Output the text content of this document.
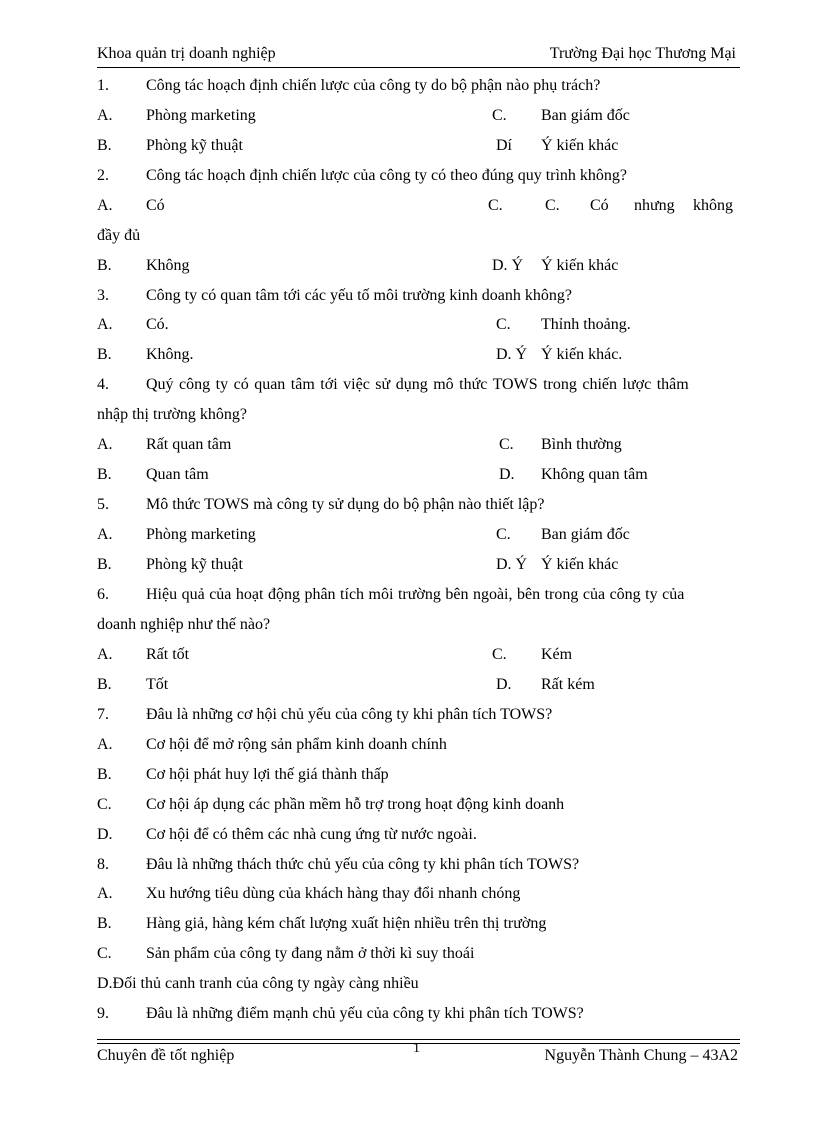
Khoa quản trị doanh nghiệp	Trường Đại học Thương Mại
1. Công tác hoạch định chiến lược của công ty do bộ phận nào phụ trách?
A. Phòng marketing	C. Ban giám đốc
B. Phòng kỹ thuật	Dí Ý kiến khác
2. Công tác hoạch định chiến lược của công ty có theo đúng quy trình không?
A. Có	C.	C. Có nhưng không
đầy đủ
B. Không	D. Ý Ý kiến khác
3. Công ty có quan tâm tới các yếu tố môi trường kinh doanh không?
A. Có.	C. Thỉnh thoảng.
B. Không.	D. Ý Ý kiến khác.
4. Quý công ty có quan tâm tới việc sử dụng mô thức TOWS trong chiến lược thâm
nhập thị trường không?
A. Rất quan tâm	C. Bình thường
B. Quan tâm	D. Không quan tâm
5. Mô thức TOWS mà công ty sử dụng do bộ phận nào thiết lập?
A. Phòng marketing	C. Ban giám đốc
B. Phòng kỹ thuật	D. Ý Ý kiến khác
6. Hiệu quả của hoạt động phân tích môi trường bên ngoài, bên trong của công ty của
doanh nghiệp như thế nào?
A. Rất tốt	C. Kém
B. Tốt	D. Rất kém
7. Đâu là những cơ hội chủ yếu của công ty khi phân tích TOWS?
A. Cơ hội để mở rộng sản phẩm kinh doanh chính
B. Cơ hội phát huy lợi thế giá thành thấp
C. Cơ hội áp dụng các phần mềm hỗ trợ trong hoạt động kinh doanh
D. Cơ hội để có thêm các nhà cung ứng từ nước ngoài.
8. Đâu là những thách thức chủ yếu của công ty khi phân tích TOWS?
A. Xu hướng tiêu dùng của khách hàng thay đổi nhanh chóng
B. Hàng giả, hàng kém chất lượng xuất hiện nhiều trên thị trường
C. Sản phẩm của công ty đang nằm ở thời kì suy thoái
D.Đối thủ canh tranh của công ty ngày càng nhiều
9. Đâu là những điểm mạnh chủ yếu của công ty khi phân tích TOWS?
Chuyên đề tốt nghiệp	1	Nguyễn Thành Chung – 43A2
